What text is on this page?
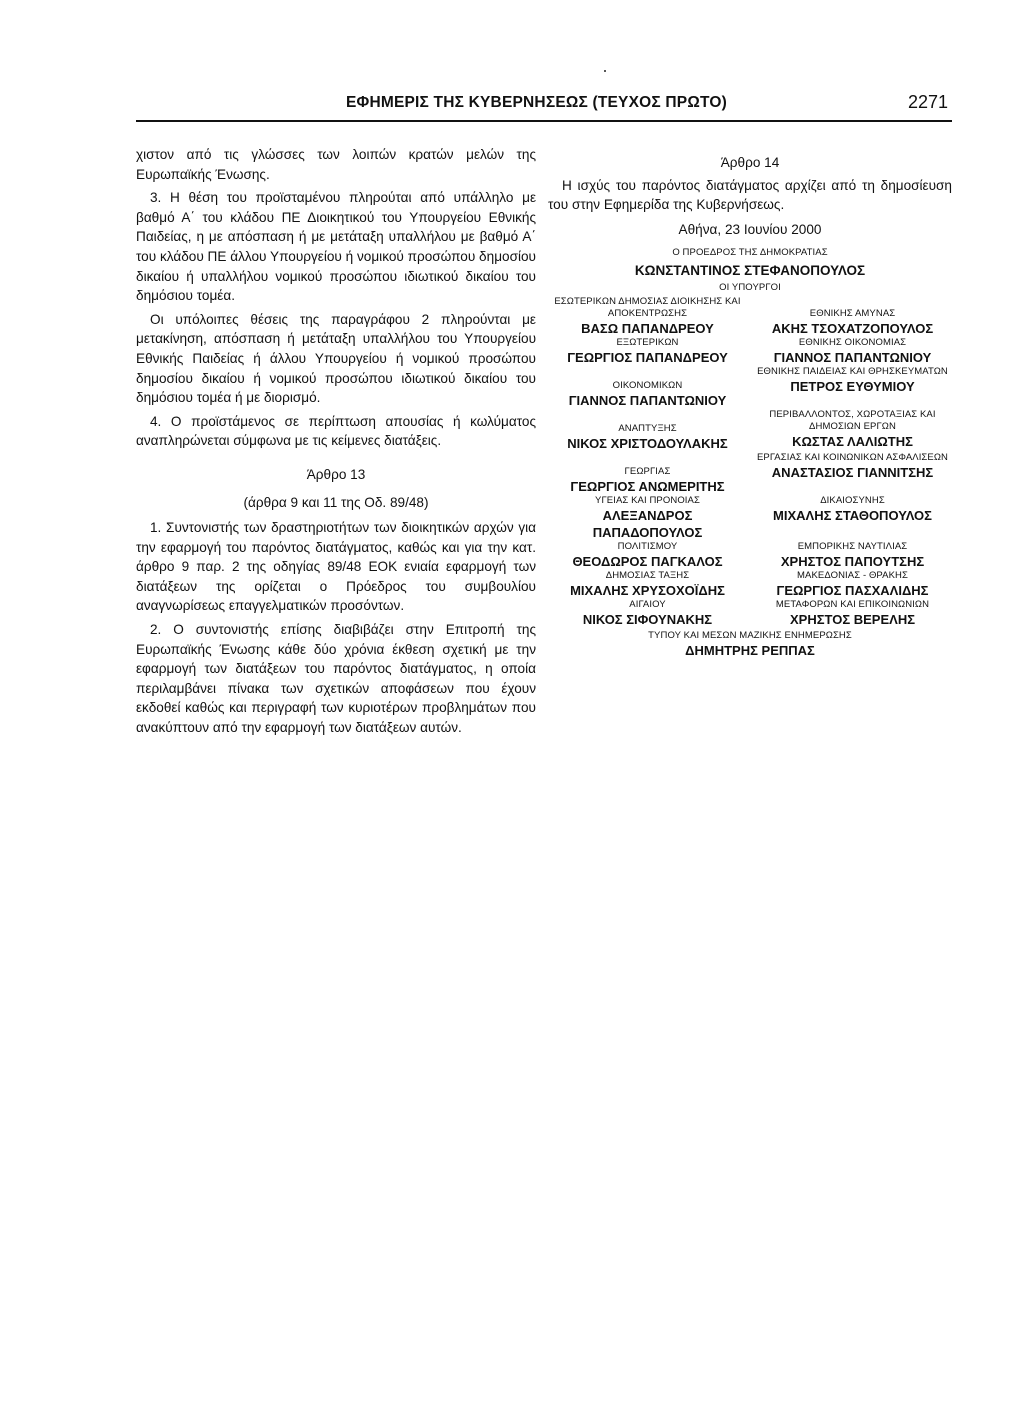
ΕΦΗΜΕΡΙΣ ΤΗΣ ΚΥΒΕΡΝΗΣΕΩΣ (ΤΕΥΧΟΣ ΠΡΩΤΟ)	2271

χιστον από τις γλώσσες των λοιπών κρατών μελών της Ευρωπαϊκής Ένωσης.

3. Η θέση του προϊσταμένου πληρούται από υπάλληλο με βαθμό Α΄ του κλάδου ΠΕ Διοικητικού του Υπουργείου Εθνικής Παιδείας, η με απόσπαση ή με μετάταξη υπαλλήλου με βαθμό Α΄ του κλάδου ΠΕ άλλου Υπουργείου ή νομικού προσώπου δημοσίου δικαίου ή υπαλλήλου νομικού προσώπου ιδιωτικού δικαίου του δημόσιου τομέα.

Οι υπόλοιπες θέσεις της παραγράφου 2 πληρούνται με μετακίνηση, απόσπαση ή μετάταξη υπαλλήλου του Υπουργείου Εθνικής Παιδείας ή άλλου Υπουργείου ή νομικού προσώπου δημοσίου δικαίου ή νομικού προσώπου ιδιωτικού δικαίου του δημόσιου τομέα ή με διορισμό.

4. Ο προϊστάμενος σε περίπτωση απουσίας ή κωλύματος αναπληρώνεται σύμφωνα με τις κείμενες διατάξεις.

Άρθρο 13

(άρθρα 9 και 11 της Οδ. 89/48)

1. Συντονιστής των δραστηριοτήτων των διοικητικών αρχών για την εφαρμογή του παρόντος διατάγματος, καθώς και για την κατ. άρθρο 9 παρ. 2 της οδηγίας 89/48 ΕΟΚ ενιαία εφαρμογή των διατάξεων της ορίζεται ο Πρόεδρος του συμβουλίου αναγνωρίσεως επαγγελματικών προσόντων.

2. Ο συντονιστής επίσης διαβιβάζει στην Επιτροπή της Ευρωπαϊκής Ένωσης κάθε δύο χρόνια έκθεση σχετική με την εφαρμογή των διατάξεων του παρόντος διατάγματος, η οποία περιλαμβάνει πίνακα των σχετικών αποφάσεων που έχουν εκδοθεί καθώς και περιγραφή των κυριοτέρων προβλημάτων που ανακύπτουν από την εφαρμογή των διατάξεων αυτών.

Άρθρο 14

Η ισχύς του παρόντος διατάγματος αρχίζει από τη δημοσίευση του στην Εφημερίδα της Κυβερνήσεως.

Αθήνα, 23 Ιουνίου 2000
Ο ΠΡΟΕΔΡΟΣ ΤΗΣ ΔΗΜΟΚΡΑΤΙΑΣ
ΚΩΝΣΤΑΝΤΙΝΟΣ ΣΤΕΦΑΝΟΠΟΥΛΟΣ
ΟΙ ΥΠΟΥΡΓΟΙ
ΕΣΩΤΕΡΙΚΩΝ ΔΗΜΟΣΙΑΣ ΔΙΟΙΚΗΣΗΣ ΚΑΙ ΑΠΟΚΕΝΤΡΩΣΗΣ
ΒΑΣΩ ΠΑΠΑΝΔΡΕΟΥ
ΕΘΝΙΚΗΣ ΑΜΥΝΑΣ
ΑΚΗΣ ΤΣΟΧΑΤΖΟΠΟΥΛΟΣ
ΕΞΩΤΕΡΙΚΩΝ
ΓΕΩΡΓΙΟΣ ΠΑΠΑΝΔΡΕΟΥ
ΕΘΝΙΚΗΣ ΟΙΚΟΝΟΜΙΑΣ
ΓΙΑΝΝΟΣ ΠΑΠΑΝΤΩΝΙΟΥ
ΟΙΚΟΝΟΜΙΚΩΝ
ΓΙΑΝΝΟΣ ΠΑΠΑΝΤΩΝΙΟΥ
ΕΘΝΙΚΗΣ ΠΑΙΔΕΙΑΣ ΚΑΙ ΘΡΗΣΚΕΥΜΑΤΩΝ
ΠΕΤΡΟΣ ΕΥΘΥΜΙΟΥ
ΑΝΑΠΤΥΞΗΣ
ΝΙΚΟΣ ΧΡΙΣΤΟΔΟΥΛΑΚΗΣ
ΠΕΡΙΒΑΛΛΟΝΤΟΣ, ΧΩΡΟΤΑΞΙΑΣ ΚΑΙ ΔΗΜΟΣΙΩΝ ΕΡΓΩΝ
ΚΩΣΤΑΣ ΛΑΛΙΩΤΗΣ
ΓΕΩΡΓΙΑΣ
ΓΕΩΡΓΙΟΣ ΑΝΩΜΕΡΙΤΗΣ
ΕΡΓΑΣΙΑΣ ΚΑΙ ΚΟΙΝΩΝΙΚΩΝ ΑΣΦΑΛΙΣΕΩΝ
ΑΝΑΣΤΑΣΙΟΣ ΓΙΑΝΝΙΤΣΗΣ
ΥΓΕΙΑΣ ΚΑΙ ΠΡΟΝΟΙΑΣ
ΑΛΕΞΑΝΔΡΟΣ ΠΑΠΑΔΟΠΟΥΛΟΣ
ΔΙΚΑΙΟΣΥΝΗΣ
ΜΙΧΑΛΗΣ ΣΤΑΘΟΠΟΥΛΟΣ
ΠΟΛΙΤΙΣΜΟΥ
ΘΕΟΔΩΡΟΣ ΠΑΓΚΑΛΟΣ
ΕΜΠΟΡΙΚΗΣ ΝΑΥΤΙΛΙΑΣ
ΧΡΗΣΤΟΣ ΠΑΠΟΥΤΣΗΣ
ΔΗΜΟΣΙΑΣ ΤΑΞΗΣ
ΜΙΧΑΛΗΣ ΧΡΥΣΟΧΟΪΔΗΣ
ΜΑΚΕΔΟΝΙΑΣ - ΘΡΑΚΗΣ
ΓΕΩΡΓΙΟΣ ΠΑΣΧΑΛΙΔΗΣ
ΑΙΓΑΙΟΥ
ΝΙΚΟΣ ΣΙΦΟΥΝΑΚΗΣ
ΜΕΤΑΦΟΡΩΝ ΚΑΙ ΕΠΙΚΟΙΝΩΝΙΩΝ
ΧΡΗΣΤΟΣ ΒΕΡΕΛΗΣ
ΤΥΠΟΥ ΚΑΙ ΜΕΣΩΝ ΜΑΖΙΚΗΣ ΕΝΗΜΕΡΩΣΗΣ
ΔΗΜΗΤΡΗΣ ΡΕΠΠΑΣ
